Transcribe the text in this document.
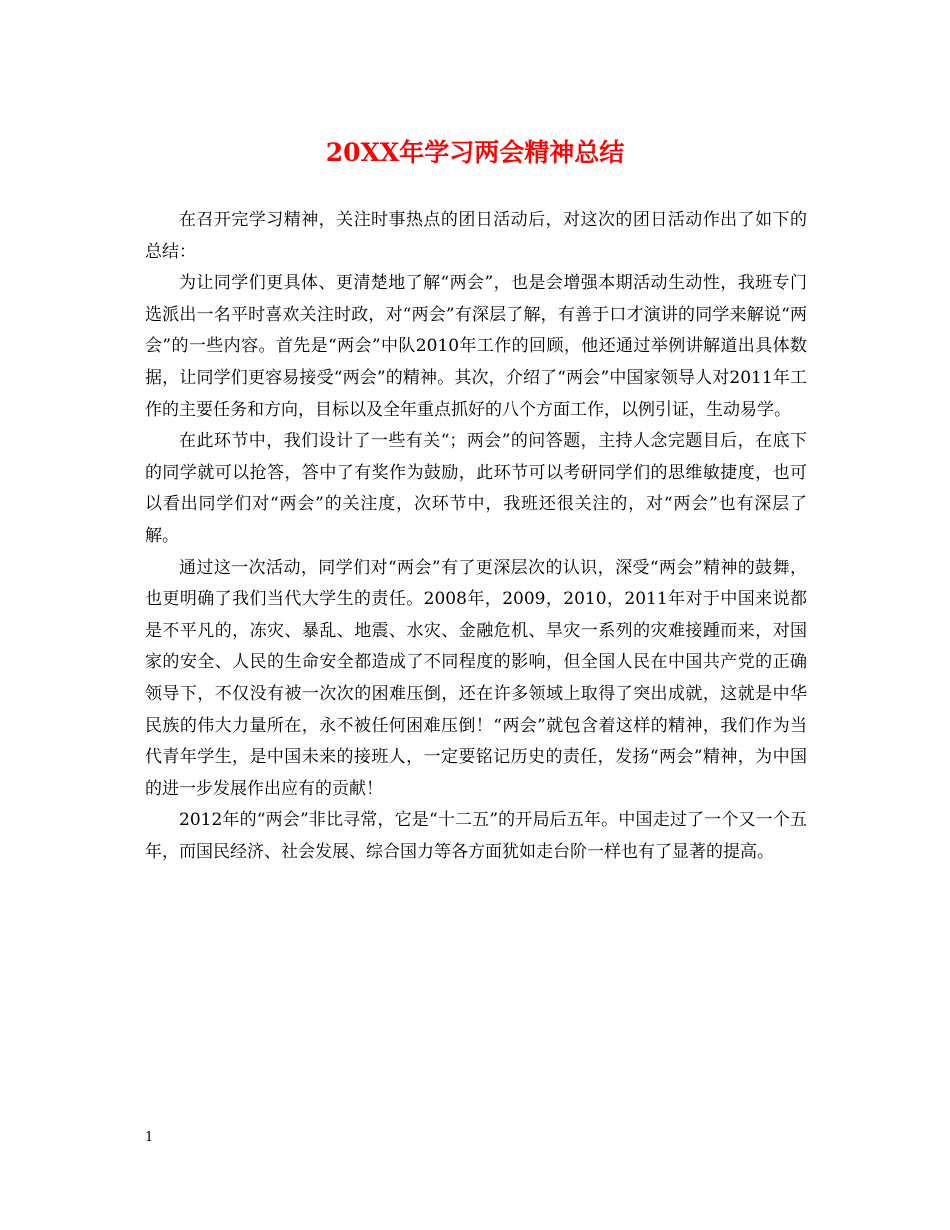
20XX年学习两会精神总结

在召开完学习精神，关注时事热点的团日活动后，对这次的团日活动作出了如下的总结：

为让同学们更具体、更清楚地了解“两会”，也是会增强本期活动生动性，我班专门选派出一名平时喜欢关注时政，对“两会”有深层了解，有善于口才演讲的同学来解说“两会”的一些内容。首先是“两会”中队2010年工作的回顾，他还通过举例讲解道出具体数据，让同学们更容易接受“两会”的精神。其次，介绍了“两会”中国家领导人对2011年工作的主要任务和方向，目标以及全年重点抓好的八个方面工作，以例引证，生动易学。

在此环节中，我们设计了一些有关“；两会”的问答题，主持人念完题目后，在底下的同学就可以抢答，答中了有奖作为鼓励，此环节可以考研同学们的思维敏捷度，也可以看出同学们对“两会”的关注度，次环节中，我班还很关注的，对“两会”也有深层了解。

通过这一次活动，同学们对“两会”有了更深层次的认识，深受“两会”精神的鼓舞，也更明确了我们当代大学生的责任。2008年，2009，2010，2011年对于中国来说都是不平凡的，冻灾、暴乱、地震、水灾、金融危机、旱灾一系列的灾难接踵而来，对国家的安全、人民的生命安全都造成了不同程度的影响，但全国人民在中国共产党的正确领导下，不仅没有被一次次的困难压倒，还在许多领域上取得了突出成就，这就是中华民族的伟大力量所在，永不被任何困难压倒！“两会”就包含着这样的精神，我们作为当代青年学生，是中国未来的接班人，一定要铭记历史的责任，发扬“两会”精神，为中国的进一步发展作出应有的贡献！

2012年的“两会”非比寻常，它是“十二五”的开局后五年。中国走过了一个又一个五年，而国民经济、社会发展、综合国力等各方面犹如走台阶一样也有了显著的提高。

1
